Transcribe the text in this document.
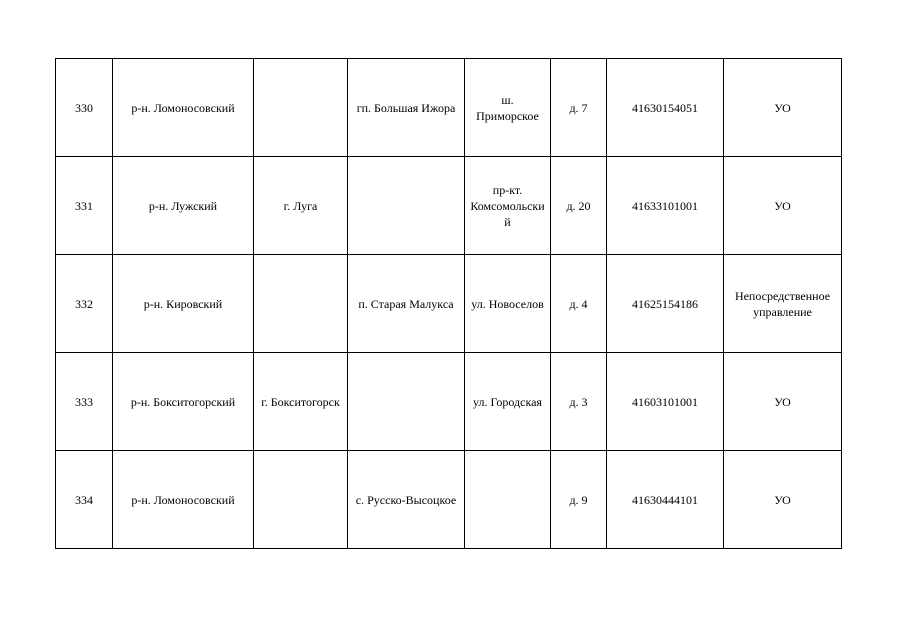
330	р-н. Ломоносовский		гп. Большая Ижора	ш.
Приморское	д. 7	41630154051	УО
331	р-н. Лужский	г. Луга		пр-кт.
Комсомольски
й	д. 20	41633101001	УО
332	р-н. Кировский		п. Старая Малукса	ул. Новоселов	д. 4	41625154186	Непосредственное
управление
333	р-н. Бокситогорский	г. Бокситогорск		ул. Городская	д. 3	41603101001	УО
334	р-н. Ломоносовский		с. Русско-Высоцкое		д. 9	41630444101	УО
